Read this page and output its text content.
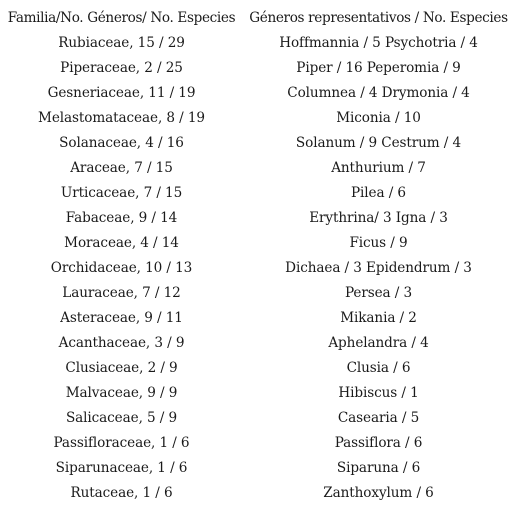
Familia/No. Géneros/ No. Especies	Géneros representativos / No. Especies
Rubiaceae, 15 / 29	Hoffmannia / 5 Psychotria / 4
Piperaceae, 2 / 25	Piper / 16 Peperomia / 9
Gesneriaceae, 11 / 19	Columnea / 4 Drymonia / 4
Melastomataceae, 8 / 19	Miconia / 10
Solanaceae, 4 / 16	Solanum / 9 Cestrum / 4
Araceae, 7 / 15	Anthurium / 7
Urticaceae, 7 / 15	Pilea / 6
Fabaceae, 9 / 14	Erythrina/ 3 Igna / 3
Moraceae, 4 / 14	Ficus / 9
Orchidaceae, 10 / 13	Dichaea / 3 Epidendrum / 3
Lauraceae, 7 / 12	Persea / 3
Asteraceae, 9 / 11	Mikania / 2
Acanthaceae, 3 / 9	Aphelandra / 4
Clusiaceae, 2 / 9	Clusia / 6
Malvaceae, 9 / 9	Hibiscus / 1
Salicaceae, 5 / 9	Casearia / 5
Passifloraceae, 1 / 6	Passiflora / 6
Siparunaceae, 1 / 6	Siparuna / 6
Rutaceae, 1 / 6	Zanthoxylum / 6
